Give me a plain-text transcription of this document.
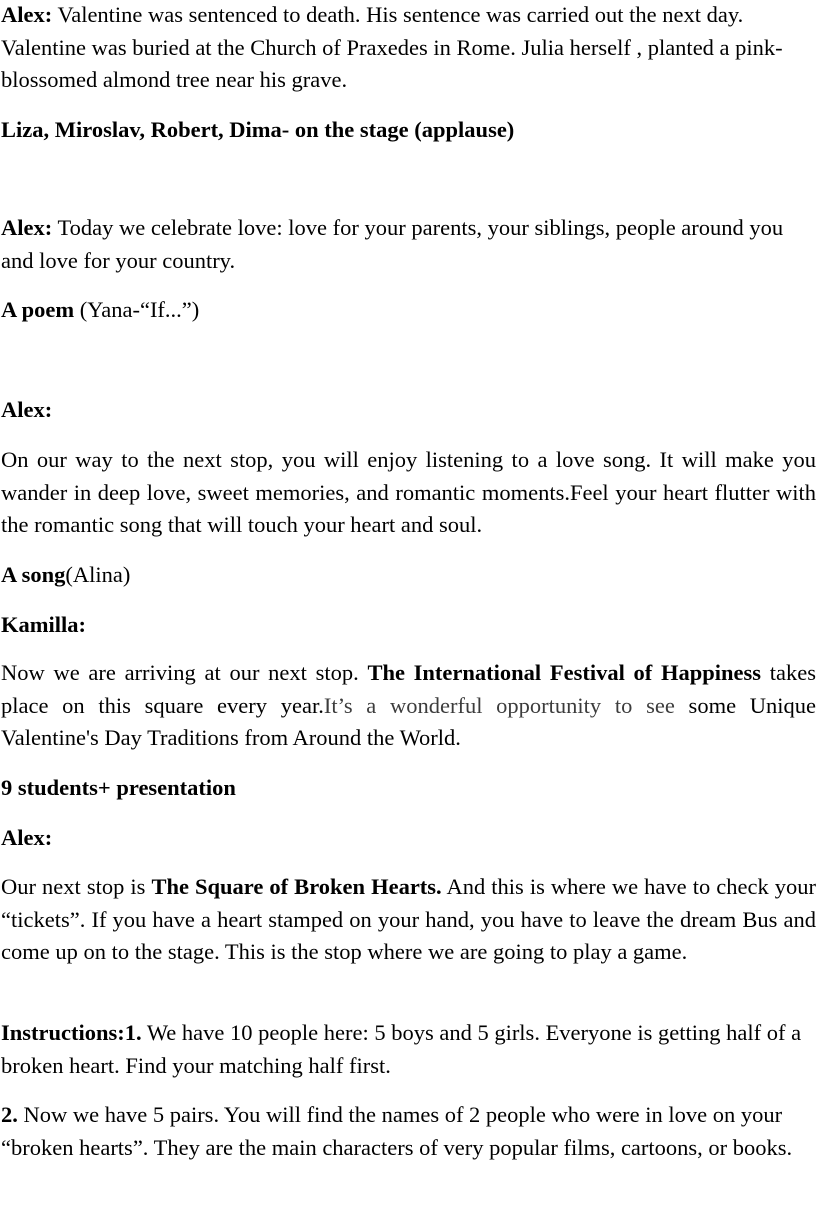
Alex: Valentine was sentenced to death. His sentence was carried out the next day. Valentine was buried at the Church of Praxedes in Rome. Julia herself , planted a pink- blossomed almond tree near his grave.

Liza, Miroslav, Robert, Dima- on the stage (applause)

Alex: Today we celebrate love: love for your parents, your siblings, people around you and love for your country.

A poem (Yana-“If...”)

Alex:

On our way to the next stop, you will enjoy listening to a love song. It will make you wander in deep love, sweet memories, and romantic moments.Feel your heart flutter with the romantic song that will touch your heart and soul.

A song(Alina)

Kamilla:

Now we are arriving at our next stop. The International Festival of Happiness takes place on this square every year.It’s a wonderful opportunity to see some Unique Valentine's Day Traditions from Around the World.

9 students+ presentation

Alex:

Our next stop is The Square of Broken Hearts. And this is where we have to check your “tickets”. If you have a heart stamped on your hand, you have to leave the dream Bus and come up on to the stage. This is the stop where we are going to play a game.

Instructions:1. We have 10 people here: 5 boys and 5 girls. Everyone is getting half of a broken heart. Find your matching half first.

2. Now we have 5 pairs. You will find the names of 2 people who were in love on your “broken hearts”. They are the main characters of very popular films, cartoons, or books.
